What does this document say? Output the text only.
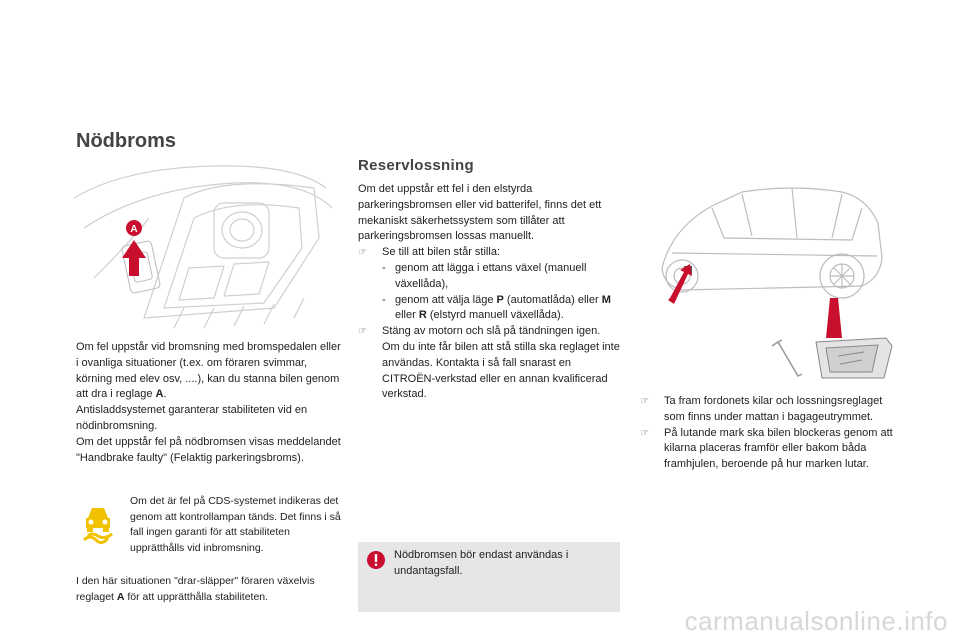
Nödbroms
A

Om fel uppstår vid bromsning med bromspedalen eller i ovanliga situationer (t.ex. om föraren svimmar, körning med elev osv, ....), kan du stanna bilen genom att dra i reglage A.

Antisladdsystemet garanterar stabiliteten vid en nödinbromsning.

Om det uppstår fel på nödbromsen visas meddelandet "Handbrake faulty" (Felaktig parkeringsbroms).

Om det är fel på CDS-systemet indikeras det genom att kontrollampan tänds. Det finns i så fall ingen garanti för att stabiliteten upprätthålls vid inbromsning.
I den här situationen "drar-släpper" föraren växelvis reglaget A för att upprätthålla stabiliteten.
Reservlossning

Om det uppstår ett fel i den elstyrda parkeringsbromsen eller vid batterifel, finns det ett mekaniskt säkerhetssystem som tillåter att parkeringsbromsen lossas manuellt.

☞ Se till att bilen står stilla:
- genom att lägga i ettans växel (manuell växellåda),
- genom att välja läge P (automatlåda) eller M eller R (elstyrd manuell växellåda).
☞ Stäng av motorn och slå på tändningen igen. Om du inte får bilen att stå stilla ska reglaget inte användas. Kontakta i så fall snarast en CITROËN-verkstad eller en annan kvalificerad verkstad.
Nödbromsen bör endast användas i undantagsfall.
☞ Ta fram fordonets kilar och lossningsreglaget som finns under mattan i bagageutrymmet.
☞ På lutande mark ska bilen blockeras genom att kilarna placeras framför eller bakom båda framhjulen, beroende på hur marken lutar.
carmanualsonline.info
